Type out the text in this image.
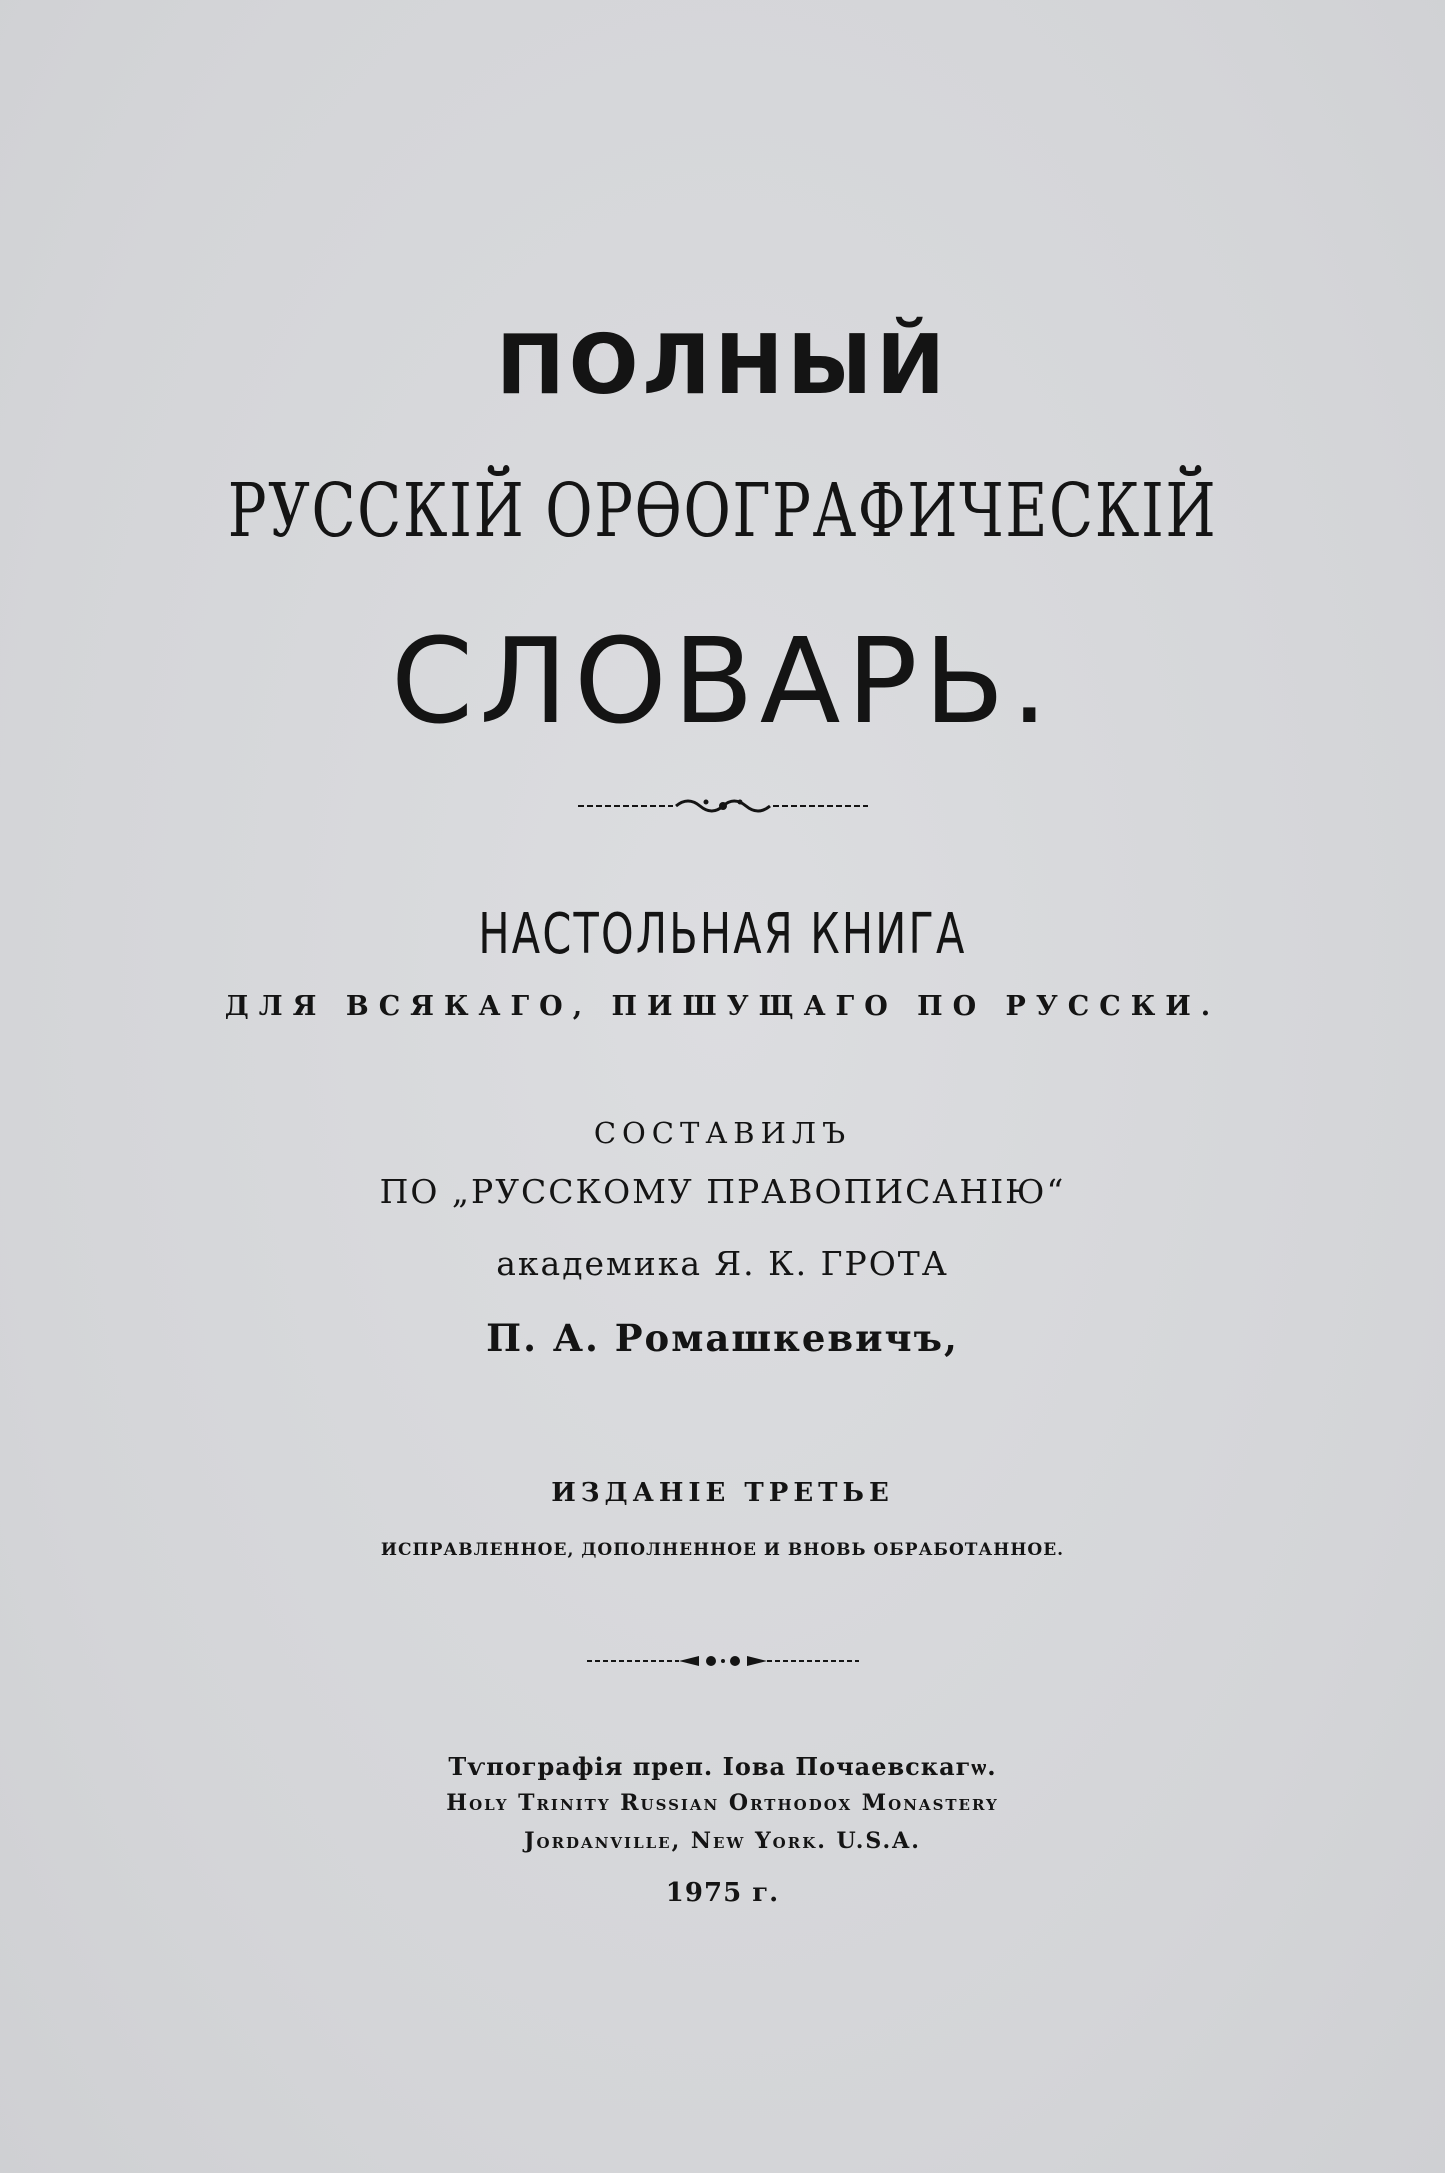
ПОЛНЫЙ
РУССКІЙ ОРѲОГРАФИЧЕСКІЙ
СЛОВАРЬ.
НАСТОЛЬНАЯ КНИГА
ДЛЯ ВСЯКАГО, ПИШУЩАГО ПО РУССКИ.
СОСТАВИЛЪ
ПО „РУССКОМУ ПРАВОПИСАНІЮ“
академика Я. К. ГРОТА
П. А. Ромашкевичъ,
ИЗДАНІЕ ТРЕТЬЕ
ИСПРАВЛЕННОЕ, ДОПОЛНЕННОЕ И ВНОВЬ ОБРАБОТАННОЕ.
Тѵпографія преп. Іова Почаевскагѡ.
Holy Trinity Russian Orthodox Monastery
Jordanville, New York. U.S.A.
1975 г.
